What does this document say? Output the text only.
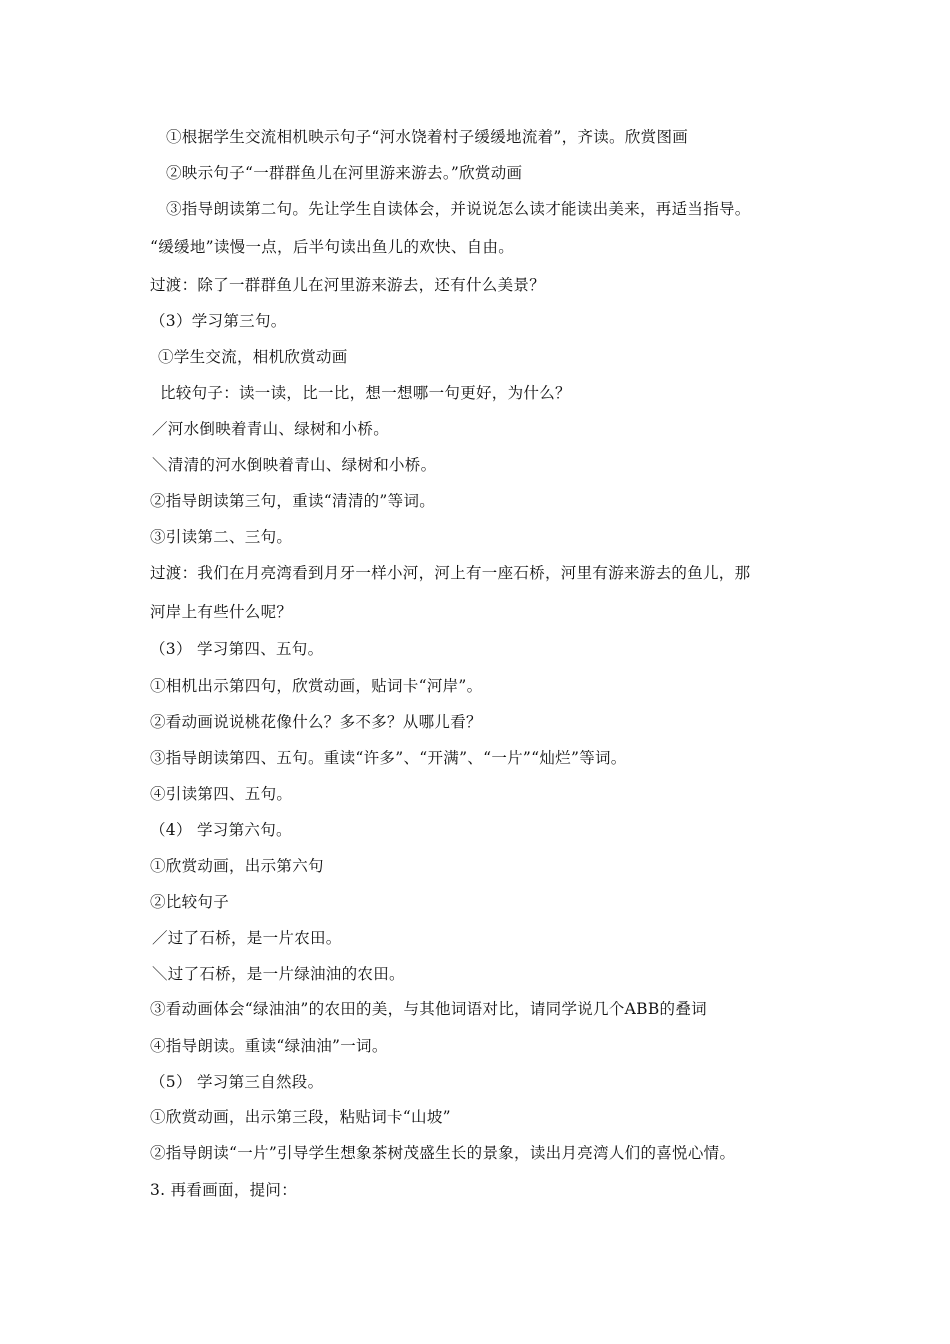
①根据学生交流相机映示句子“河水饶着村子缓缓地流着”，齐读。欣赏图画
②映示句子“一群群鱼儿在河里游来游去。”欣赏动画
③指导朗读第二句。先让学生自读体会，并说说怎么读才能读出美来，再适当指导。
“缓缓地”读慢一点，后半句读出鱼儿的欢快、自由。
过渡：除了一群群鱼儿在河里游来游去，还有什么美景？
（3）学习第三句。
①学生交流，相机欣赏动画
比较句子：读一读，比一比，想一想哪一句更好，为什么？
／河水倒映着青山、绿树和小桥。
＼清清的河水倒映着青山、绿树和小桥。
②指导朗读第三句，重读“清清的”等词。
③引读第二、三句。
过渡：我们在月亮湾看到月牙一样小河，河上有一座石桥，河里有游来游去的鱼儿，那
河岸上有些什么呢？
（3） 学习第四、五句。
①相机出示第四句，欣赏动画，贴词卡“河岸”。
②看动画说说桃花像什么？多不多？从哪儿看？
③指导朗读第四、五句。重读“许多”、“开满”、“一片”“灿烂”等词。
④引读第四、五句。
（4） 学习第六句。
①欣赏动画，出示第六句
②比较句子
／过了石桥，是一片农田。
＼过了石桥，是一片绿油油的农田。
③看动画体会“绿油油”的农田的美，与其他词语对比，请同学说几个ABB的叠词
④指导朗读。重读“绿油油”一词。
（5） 学习第三自然段。
①欣赏动画，出示第三段，粘贴词卡“山坡”
②指导朗读“一片”引导学生想象茶树茂盛生长的景象，读出月亮湾人们的喜悦心情。
3. 再看画面，提问：
